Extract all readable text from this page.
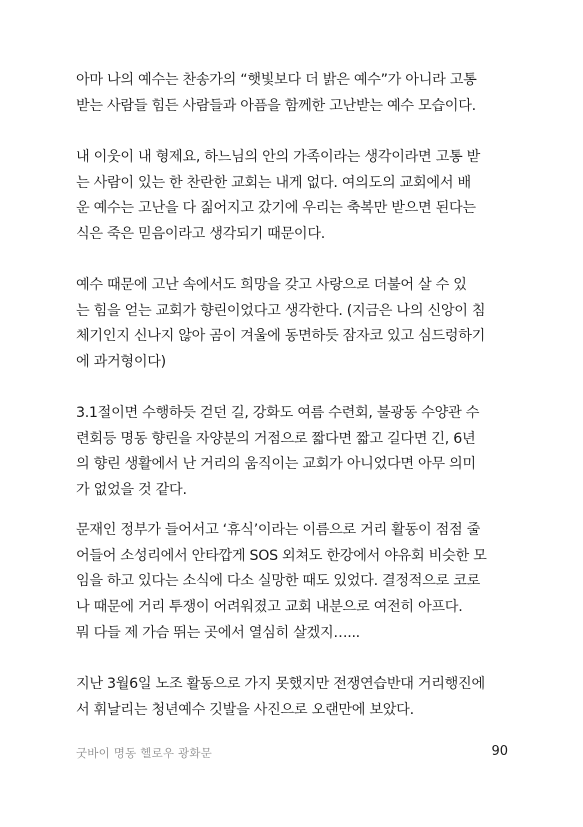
아마 나의 예수는 찬송가의 “햇빛보다 더 밝은 예수”가 아니라 고통
받는 사람들 힘든 사람들과 아픔을 함께한 고난받는 예수 모습이다.

내 이웃이 내 형제요, 하느님의 안의 가족이라는 생각이라면 고통 받
는 사람이 있는 한 찬란한 교회는 내게 없다. 여의도의 교회에서 배
운 예수는 고난을 다 짊어지고 갔기에 우리는 축복만 받으면 된다는
식은 죽은 믿음이라고 생각되기 때문이다.

예수 때문에 고난 속에서도 희망을 갖고 사랑으로 더불어 살 수 있
는 힘을 얻는 교회가 향린이었다고 생각한다. (지금은 나의 신앙이 침
체기인지 신나지 않아 곰이 겨울에 동면하듯 잠자코 있고 심드렁하기
에 과거형이다)

3.1절이면 수행하듯 걷던 길, 강화도 여름 수련회, 불광동 수양관 수
련회등 명동 향린을 자양분의 거점으로 짧다면 짧고 길다면 긴, 6년
의 향린 생활에서 난 거리의 움직이는 교회가 아니었다면 아무 의미
가 없었을 것 같다.

문재인 정부가 들어서고 ‘휴식’이라는 이름으로 거리 활동이 점점 줄
어들어 소성리에서 안타깝게 SOS 외쳐도 한강에서 야유회 비슷한 모
임을 하고 있다는 소식에 다소 실망한 때도 있었다. 결정적으로 코로
나 때문에 거리 투쟁이 어려워졌고 교회 내분으로 여전히 아프다.
뭐 다들 제 가슴 뛰는 곳에서 열심히 살겠지…...

지난 3월6일 노조 활동으로 가지 못했지만 전쟁연습반대 거리행진에
서 휘날리는 청년예수 깃발을 사진으로 오랜만에 보았다.

굿바이 명동 헬로우 광화문	90
